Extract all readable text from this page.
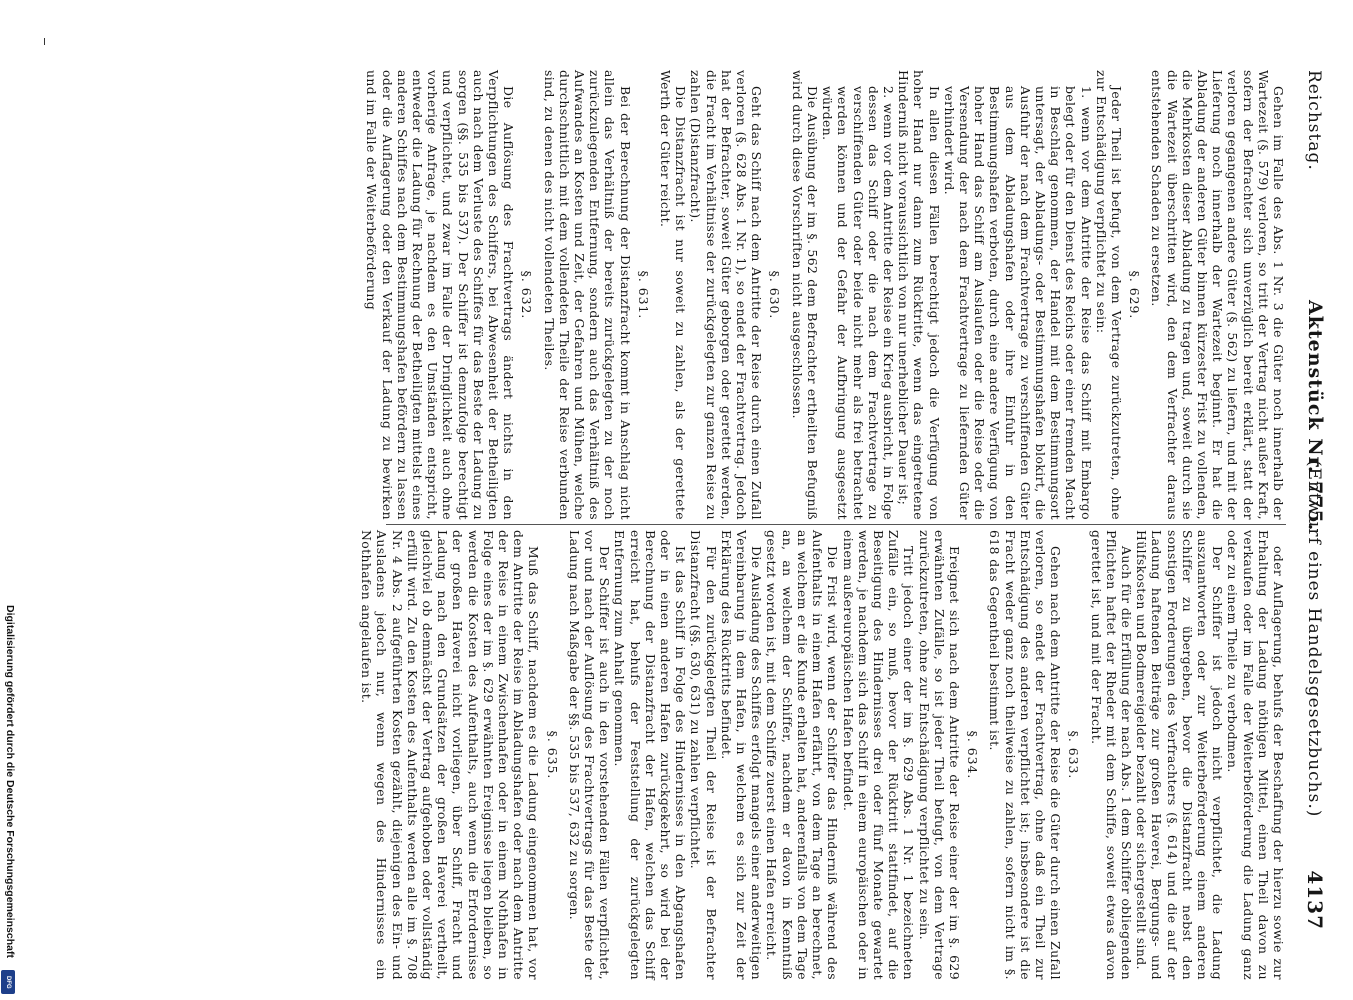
Reichstag.
Aktenstück Nr. 775.
(Entwurf eines Handelsgesetzbuchs.)
4137

Gehen im Falle des Abs. 1 Nr. 3 die Güter noch innerhalb der Wartezeit (§. 579) verloren, so tritt der Vertrag nicht außer Kraft, sofern der Befrachter sich unverzüglich bereit erklärt, statt der verloren gegangenen andere Güter (§. 562) zu liefern, und mit der Lieferung noch innerhalb der Wartezeit beginnt. Er hat die Abladung der anderen Güter binnen kürzester Frist zu vollenden, die Mehrkosten dieser Abladung zu tragen und, soweit durch sie die Wartezeit überschritten wird, den dem Verfrachter daraus entstehenden Schaden zu ersetzen.

§. 629.

Jeder Theil ist befugt, von dem Vertrage zurückzutreten, ohne zur Entschädigung verpflichtet zu sein:

1. wenn vor dem Antritte der Reise das Schiff mit Embargo belegt oder für den Dienst des Reichs oder einer fremden Macht in Beschlag genommen, der Handel mit dem Bestimmungsort untersagt, der Abladungs- oder Bestimmungshafen blokirt, die Ausfuhr der nach dem Frachtvertrage zu verschiffenden Güter aus dem Abladungshafen oder ihre Einfuhr in den Bestimmungshafen verboten, durch eine andere Verfügung von hoher Hand das Schiff am Auslaufen oder die Reise oder die Versendung der nach dem Frachtvertrage zu liefernden Güter verhindert wird.

In allen diesen Fällen berechtigt jedoch die Verfügung von hoher Hand nur dann zum Rücktritte, wenn das eingetretene Hinderniß nicht voraussichtlich von nur unerheblicher Dauer ist;

2. wenn vor dem Antritte der Reise ein Krieg ausbricht, in Folge dessen das Schiff oder die nach dem Frachtvertrage zu verschiffenden Güter oder beide nicht mehr als frei betrachtet werden können und der Gefahr der Aufbringung ausgesetzt würden.

Die Ausübung der im §. 562 dem Befrachter ertheilten Befugniß wird durch diese Vorschriften nicht ausgeschlossen.

§. 630.

Geht das Schiff nach dem Antritte der Reise durch einen Zufall verloren (§. 628 Abs. 1 Nr. 1), so endet der Frachtvertrag. Jedoch hat der Befrachter, soweit Güter geborgen oder gerettet werden, die Fracht im Verhältnisse der zurückgelegten zur ganzen Reise zu zahlen (Distanzfracht).

Die Distanzfracht ist nur soweit zu zahlen, als der gerettete Werth der Güter reicht.

§. 631.

Bei der Berechnung der Distanzfracht kommt in Anschlag nicht allein das Verhältniß der bereits zurückgelegten zu der noch zurückzulegenden Entfernung, sondern auch das Verhältniß des Aufwandes an Kosten und Zeit, der Gefahren und Mühen, welche durchschnittlich mit dem vollendeten Theile der Reise verbunden sind, zu denen des nicht vollendeten Theiles.

§. 632.

Die Auflösung des Frachtvertrags ändert nichts in den Verpflichtungen des Schiffers, bei Abwesenheit der Betheiligten auch nach dem Verluste des Schiffes für das Beste der Ladung zu sorgen (§§. 535 bis 537). Der Schiffer ist demzufolge berechtigt und verpflichtet, und zwar im Falle der Dringlichkeit auch ohne vorherige Anfrage, je nachdem es den Umständen entspricht, entweder die Ladung für Rechnung der Betheiligten mittelst eines anderen Schiffes nach dem Bestimmungshafen befördern zu lassen oder die Auflagerung oder den Verkauf der Ladung zu bewirken und im Falle der Weiterbeförderung

oder Auflagerung, behufs der Beschaffung der hierzu sowie zur Erhaltung der Ladung nöthigen Mittel, einen Theil davon zu verkaufen oder im Falle der Weiterbeförderung die Ladung ganz oder zu einem Theile zu verbodmen.

Der Schiffer ist jedoch nicht verpflichtet, die Ladung auszuantworten oder zur Weiterbeförderung einem anderen Schiffer zu übergeben, bevor die Distanzfracht nebst den sonstigen Forderungen des Verfrachters (§. 614) und die auf der Ladung haftenden Beiträge zur großen Haverei, Bergungs- und Hülfskosten und Bodmereigelder bezahlt oder sichergestellt sind.

Auch für die Erfüllung der nach Abs. 1 dem Schiffer obliegenden Pflichten haftet der Rheder mit dem Schiffe, soweit etwas davon gerettet ist, und mit der Fracht.

§. 633.

Gehen nach dem Antritte der Reise die Güter durch einen Zufall verloren, so endet der Frachtvertrag, ohne daß ein Theil zur Entschädigung des anderen verpflichtet ist; insbesondere ist die Fracht weder ganz noch theilweise zu zahlen, sofern nicht im §. 618 das Gegentheil bestimmt ist.

§. 634.

Ereignet sich nach dem Antritte der Reise einer der im §. 629 erwähnten Zufälle, so ist jeder Theil befugt, von dem Vertrage zurückzutreten, ohne zur Entschädigung verpflichtet zu sein.

Tritt jedoch einer der im §. 629 Abs. 1 Nr. 1 bezeichneten Zufälle ein, so muß, bevor der Rücktritt stattfindet, auf die Beseitigung des Hindernisses drei oder fünf Monate gewartet werden, je nachdem sich das Schiff in einem europäischen oder in einem außereuropäischen Hafen befindet.

Die Frist wird, wenn der Schiffer das Hinderniß während des Aufenthalts in einem Hafen erfährt, von dem Tage an berechnet, an welchem er die Kunde erhalten hat, anderenfalls von dem Tage an, an welchem der Schiffer, nachdem er davon in Kenntniß gesetzt worden ist, mit dem Schiffe zuerst einen Hafen erreicht.

Die Ausladung des Schiffes erfolgt mangels einer anderweitigen Vereinbarung in dem Hafen, in welchem es sich zur Zeit der Erklärung des Rücktritts befindet.

Für den zurückgelegten Theil der Reise ist der Befrachter Distanzfracht (§§. 630, 631) zu zahlen verpflichtet.

Ist das Schiff in Folge des Hindernisses in den Abgangshafen oder in einen anderen Hafen zurückgekehrt, so wird bei der Berechnung der Distanzfracht der Hafen, welchen das Schiff erreicht hat, behufs der Feststellung der zurückgelegten Entfernung zum Anhalt genommen.

Der Schiffer ist auch in den vorstehenden Fällen verpflichtet, vor und nach der Auflösung des Frachtvertrags für das Beste der Ladung nach Maßgabe der §§. 535 bis 537, 632 zu sorgen.

§. 635.

Muß das Schiff, nachdem es die Ladung eingenommen hat, vor dem Antritte der Reise im Abladungshafen oder nach dem Antritte der Reise in einem Zwischenhafen oder in einem Nothhafen in Folge eines der im §. 629 erwähnten Ereignisse liegen bleiben, so werden die Kosten des Aufenthalts, auch wenn die Erfordernisse der großen Haverei nicht vorliegen, über Schiff, Fracht und Ladung nach den Grundsätzen der großen Haverei vertheilt, gleichviel ob demnächst der Vertrag aufgehoben oder vollständig erfüllt wird. Zu den Kosten des Aufenthalts werden alle im §. 708 Nr. 4 Abs. 2 aufgeführten Kosten gezählt, diejenigen des Ein- und Ausladens jedoch nur, wenn wegen des Hindernisses ein Nothhafen angelaufen ist.

Digitalisierung gefördert durch die Deutsche Forschungsgemeinschaft
DFG
